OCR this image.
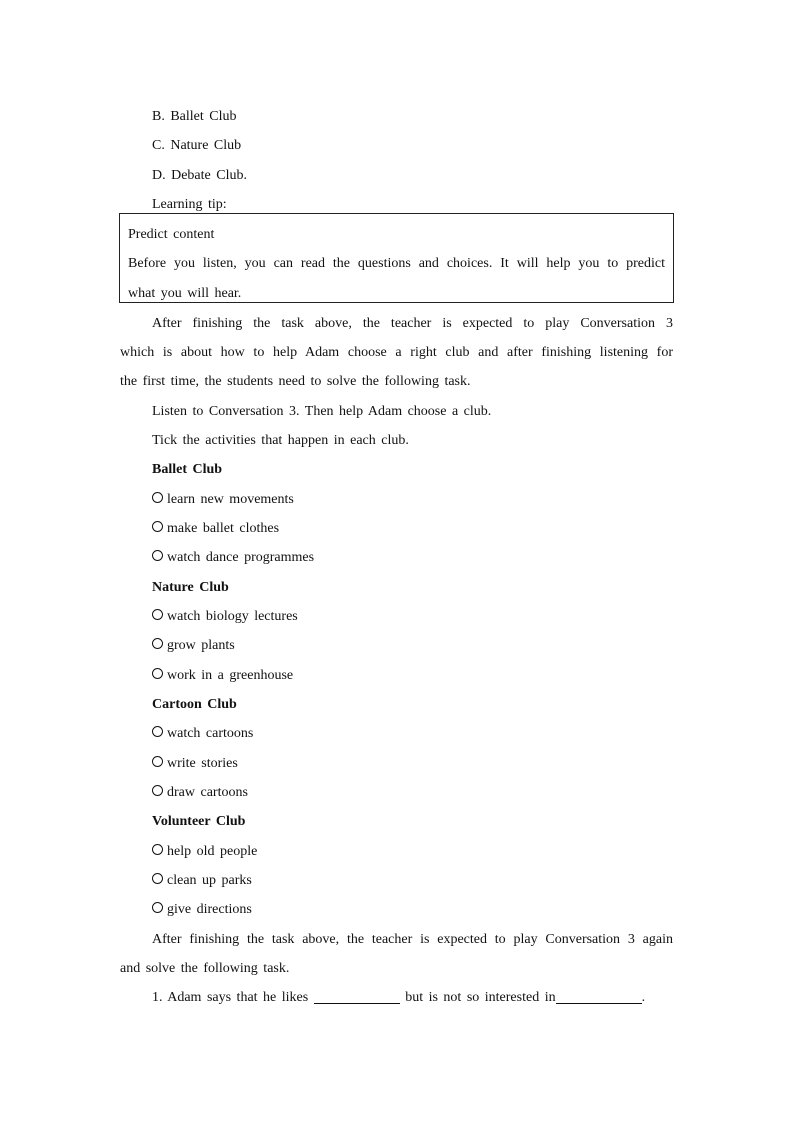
B. Ballet Club
C. Nature Club
D. Debate Club.
Learning tip:
Predict content
Before you listen, you can read the questions and choices. It will help you to predict
what you will hear.
After finishing the task above, the teacher is expected to play Conversation 3
which is about how to help Adam choose a right club and after finishing listening for
the first time, the students need to solve the following task.
Listen to Conversation 3. Then help Adam choose a club.
Tick the activities that happen in each club.
Ballet Club
learn new movements
make ballet clothes
watch dance programmes
Nature Club
watch biology lectures
grow plants
work in a greenhouse
Cartoon Club
watch cartoons
write stories
draw cartoons
Volunteer Club
help old people
clean up parks
give directions
After finishing the task above, the teacher is expected to play Conversation 3 again
and solve the following task.
1. Adam says that he likes	but is not so interested in	.
